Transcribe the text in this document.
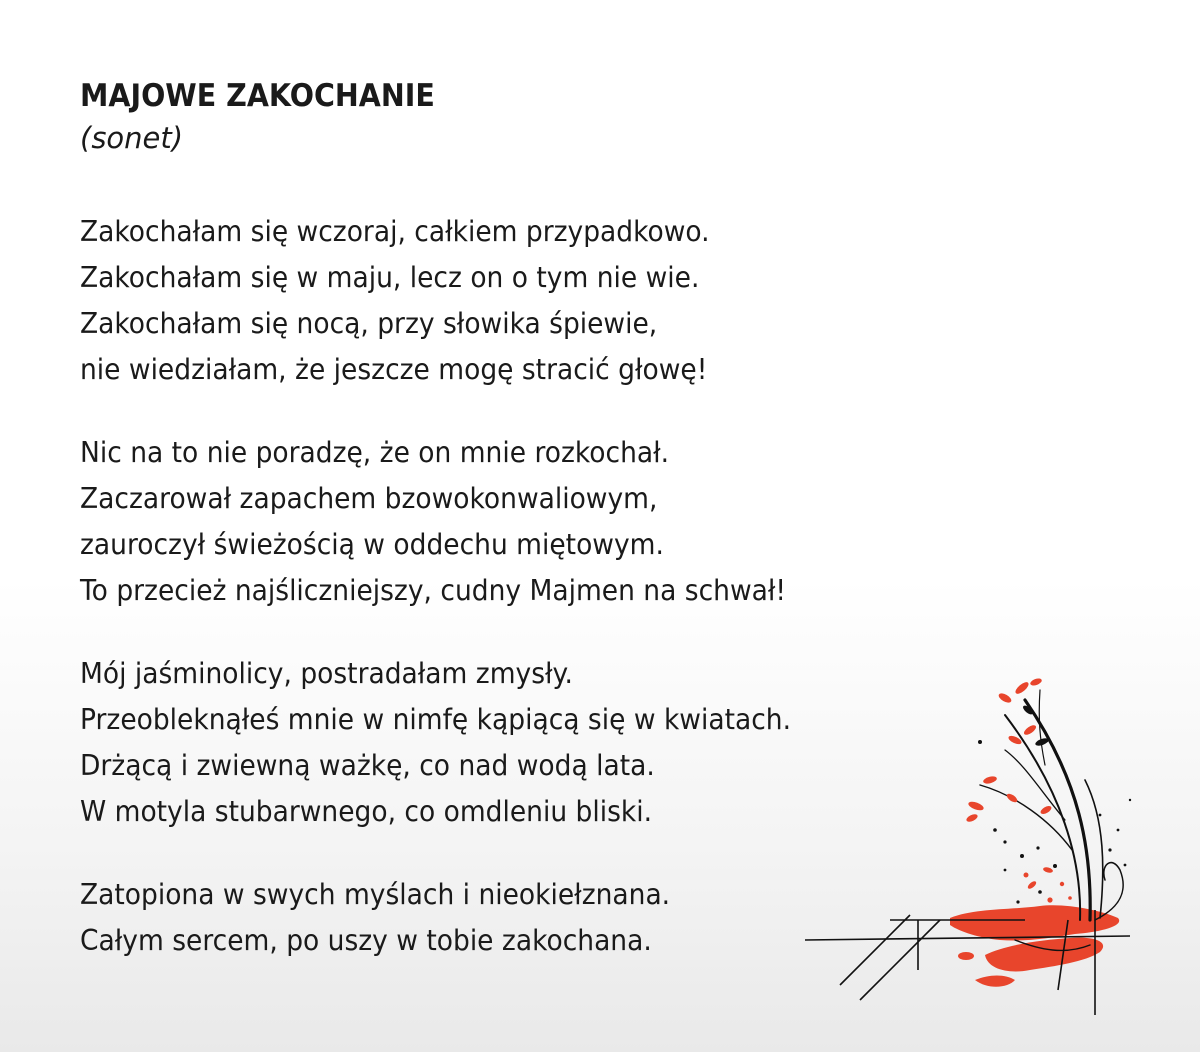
MAJOWE ZAKOCHANIE
(sonet)
Zakochałam się wczoraj, całkiem przypadkowo.
Zakochałam się w maju, lecz on o tym nie wie.
Zakochałam się nocą, przy słowika śpiewie,
nie wiedziałam, że jeszcze mogę stracić głowę!
Nic na to nie poradzę, że on mnie rozkochał.
Zaczarował zapachem bzowokonwaliowym,
zauroczył świeżością w oddechu miętowym.
To przecież najśliczniejszy, cudny Majmen na schwał!
Mój jaśminolicy, postradałam zmysły.
Przeobleknąłeś mnie w nimfę kąpiącą się w kwiatach.
Drżącą i zwiewną ważkę, co nad wodą lata.
W motyla stubarwnego, co omdleniu bliski.
Zatopiona w swych myślach i nieokiełznana.
Całym sercem, po uszy w tobie zakochana.
